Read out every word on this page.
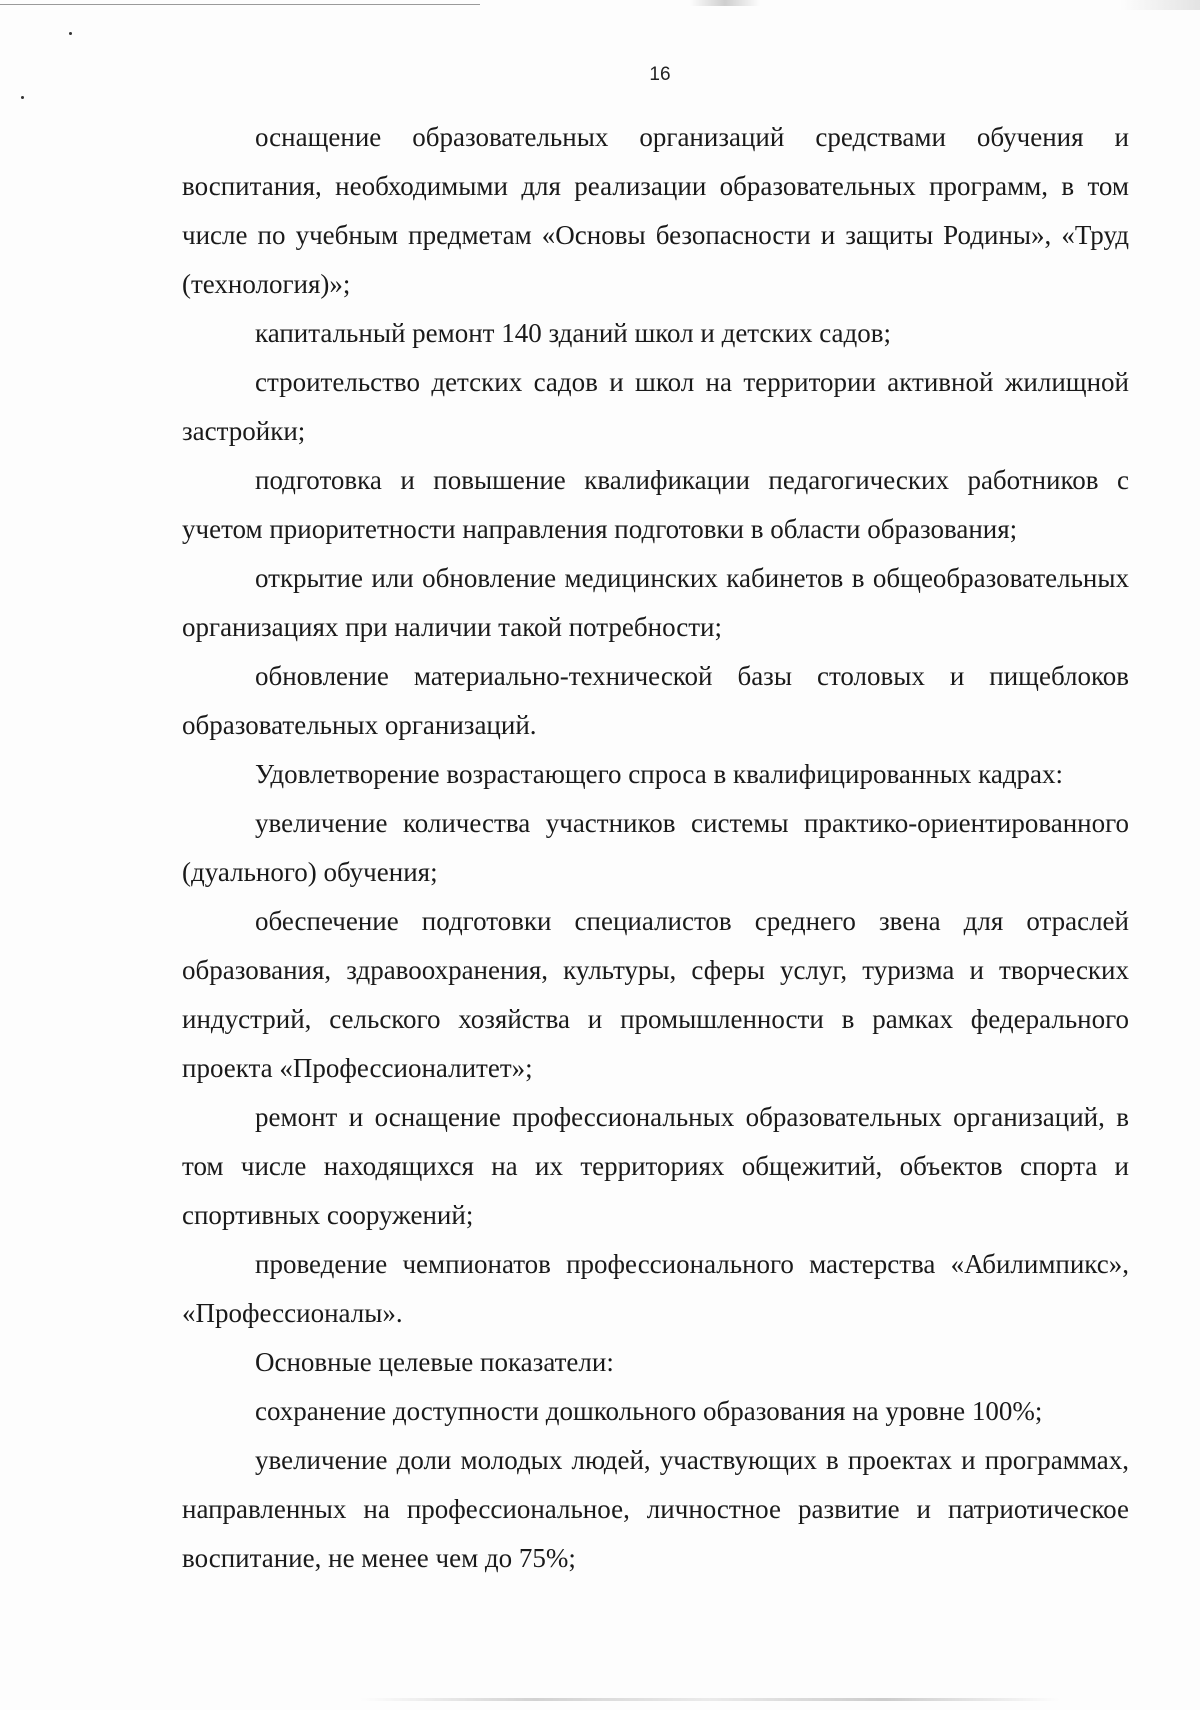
16

оснащение образовательных организаций средствами обучения и воспитания, необходимыми для реализации образовательных программ, в том числе по учебным предметам «Основы безопасности и защиты Родины», «Труд (технология)»;

капитальный ремонт 140 зданий школ и детских садов;

строительство детских садов и школ на территории активной жилищной застройки;

подготовка и повышение квалификации педагогических работников с учетом приоритетности направления подготовки в области образования;

открытие или обновление медицинских кабинетов в общеобразовательных организациях при наличии такой потребности;

обновление материально-технической базы столовых и пищеблоков образовательных организаций.

Удовлетворение возрастающего спроса в квалифицированных кадрах:

увеличение количества участников системы практико-ориентированного (дуального) обучения;

обеспечение подготовки специалистов среднего звена для отраслей образования, здравоохранения, культуры, сферы услуг, туризма и творческих индустрий, сельского хозяйства и промышленности в рамках федерального проекта «Профессионалитет»;

ремонт и оснащение профессиональных образовательных организаций, в том числе находящихся на их территориях общежитий, объектов спорта и спортивных сооружений;

проведение чемпионатов профессионального мастерства «Абилимпикс», «Профессионалы».

Основные целевые показатели:

сохранение доступности дошкольного образования на уровне 100%;

увеличение доли молодых людей, участвующих в проектах и программах, направленных на профессиональное, личностное развитие и патриотическое воспитание, не менее чем до 75%;
